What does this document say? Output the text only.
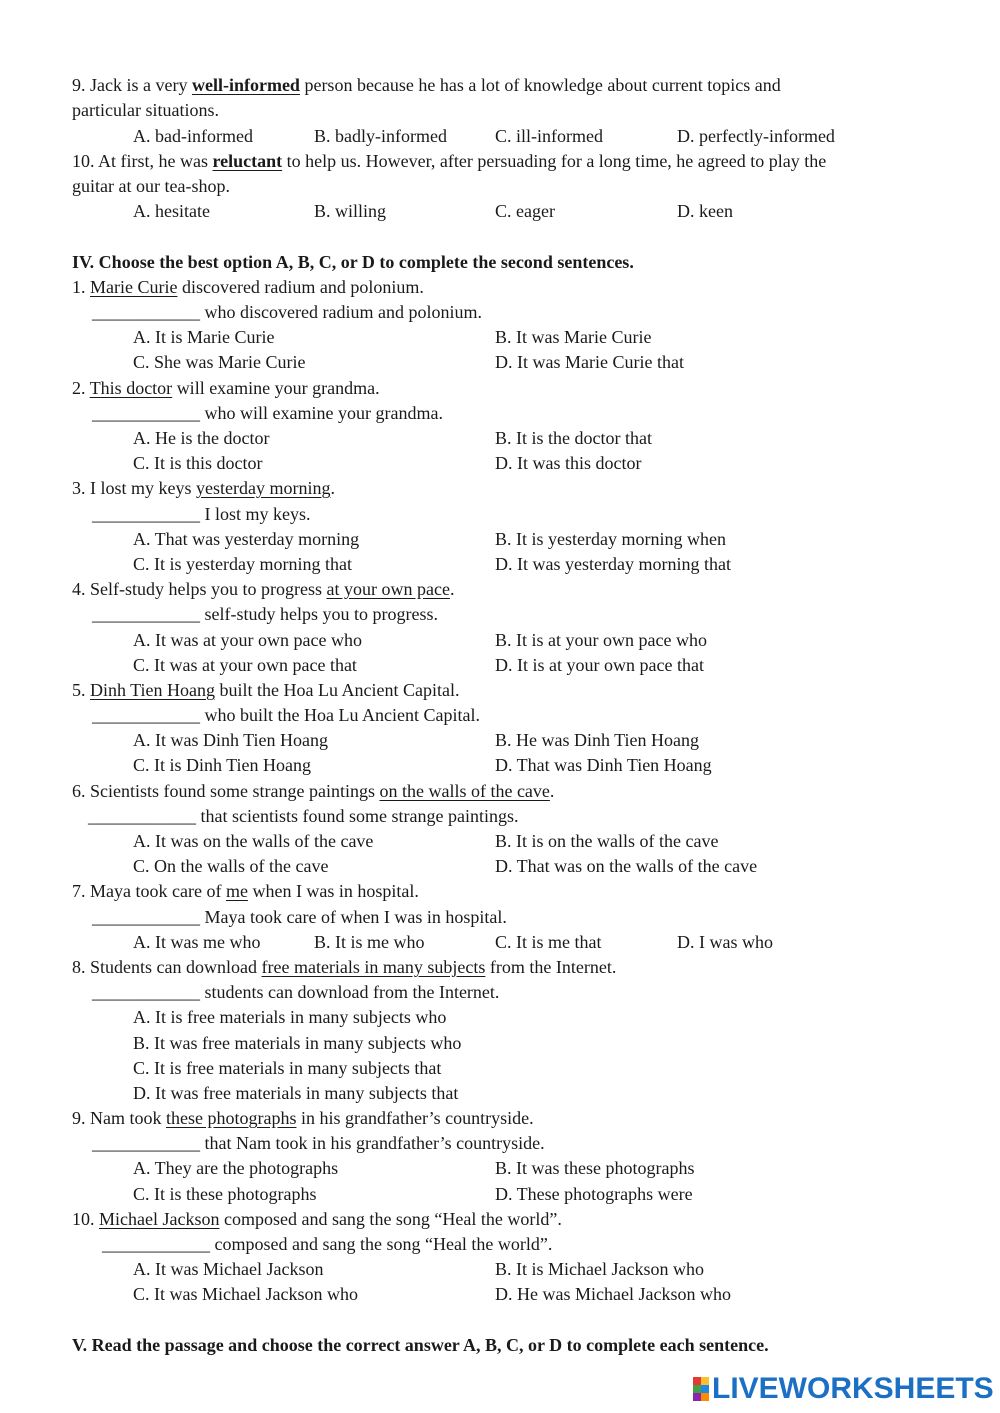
9. Jack is a very well-informed person because he has a lot of knowledge about current topics and
particular situations.
A. bad-informed	B. badly-informed	C. ill-informed	D. perfectly-informed
10. At first, he was reluctant to help us. However, after persuading for a long time, he agreed to play the
guitar at our tea-shop.
A. hesitate	B. willing	C. eager	D. keen
IV. Choose the best option A, B, C, or D to complete the second sentences.
1. Marie Curie discovered radium and polonium.
____________ who discovered radium and polonium.
A. It is Marie Curie	B. It was Marie Curie
C. She was Marie Curie	D. It was Marie Curie that
2. This doctor will examine your grandma.
____________ who will examine your grandma.
A. He is the doctor	B. It is the doctor that
C. It is this doctor	D. It was this doctor
3. I lost my keys yesterday morning.
____________ I lost my keys.
A. That was yesterday morning	B. It is yesterday morning when
C. It is yesterday morning that	D. It was yesterday morning that
4. Self-study helps you to progress at your own pace.
____________ self-study helps you to progress.
A. It was at your own pace who	B. It is at your own pace who
C. It was at your own pace that	D. It is at your own pace that
5. Dinh Tien Hoang built the Hoa Lu Ancient Capital.
____________ who built the Hoa Lu Ancient Capital.
A. It was Dinh Tien Hoang	B. He was Dinh Tien Hoang
C. It is Dinh Tien Hoang	D. That was Dinh Tien Hoang
6. Scientists found some strange paintings on the walls of the cave.
____________ that scientists found some strange paintings.
A. It was on the walls of the cave	B. It is on the walls of the cave
C. On the walls of the cave	D. That was on the walls of the cave
7. Maya took care of me when I was in hospital.
____________ Maya took care of when I was in hospital.
A. It was me who	B. It is me who	C. It is me that	D. I was who
8. Students can download free materials in many subjects from the Internet.
____________ students can download from the Internet.
A. It is free materials in many subjects who
B. It was free materials in many subjects who
C. It is free materials in many subjects that
D. It was free materials in many subjects that
9. Nam took these photographs in his grandfather’s countryside.
____________ that Nam took in his grandfather’s countryside.
A. They are the photographs	B. It was these photographs
C. It is these photographs	D. These photographs were
10. Michael Jackson composed and sang the song “Heal the world”.
____________ composed and sang the song “Heal the world”.
A. It was Michael Jackson	B. It is Michael Jackson who
C. It was Michael Jackson who	D. He was Michael Jackson who
V. Read the passage and choose the correct answer A, B, C, or D to complete each sentence.
LIVEWORKSHEETS
